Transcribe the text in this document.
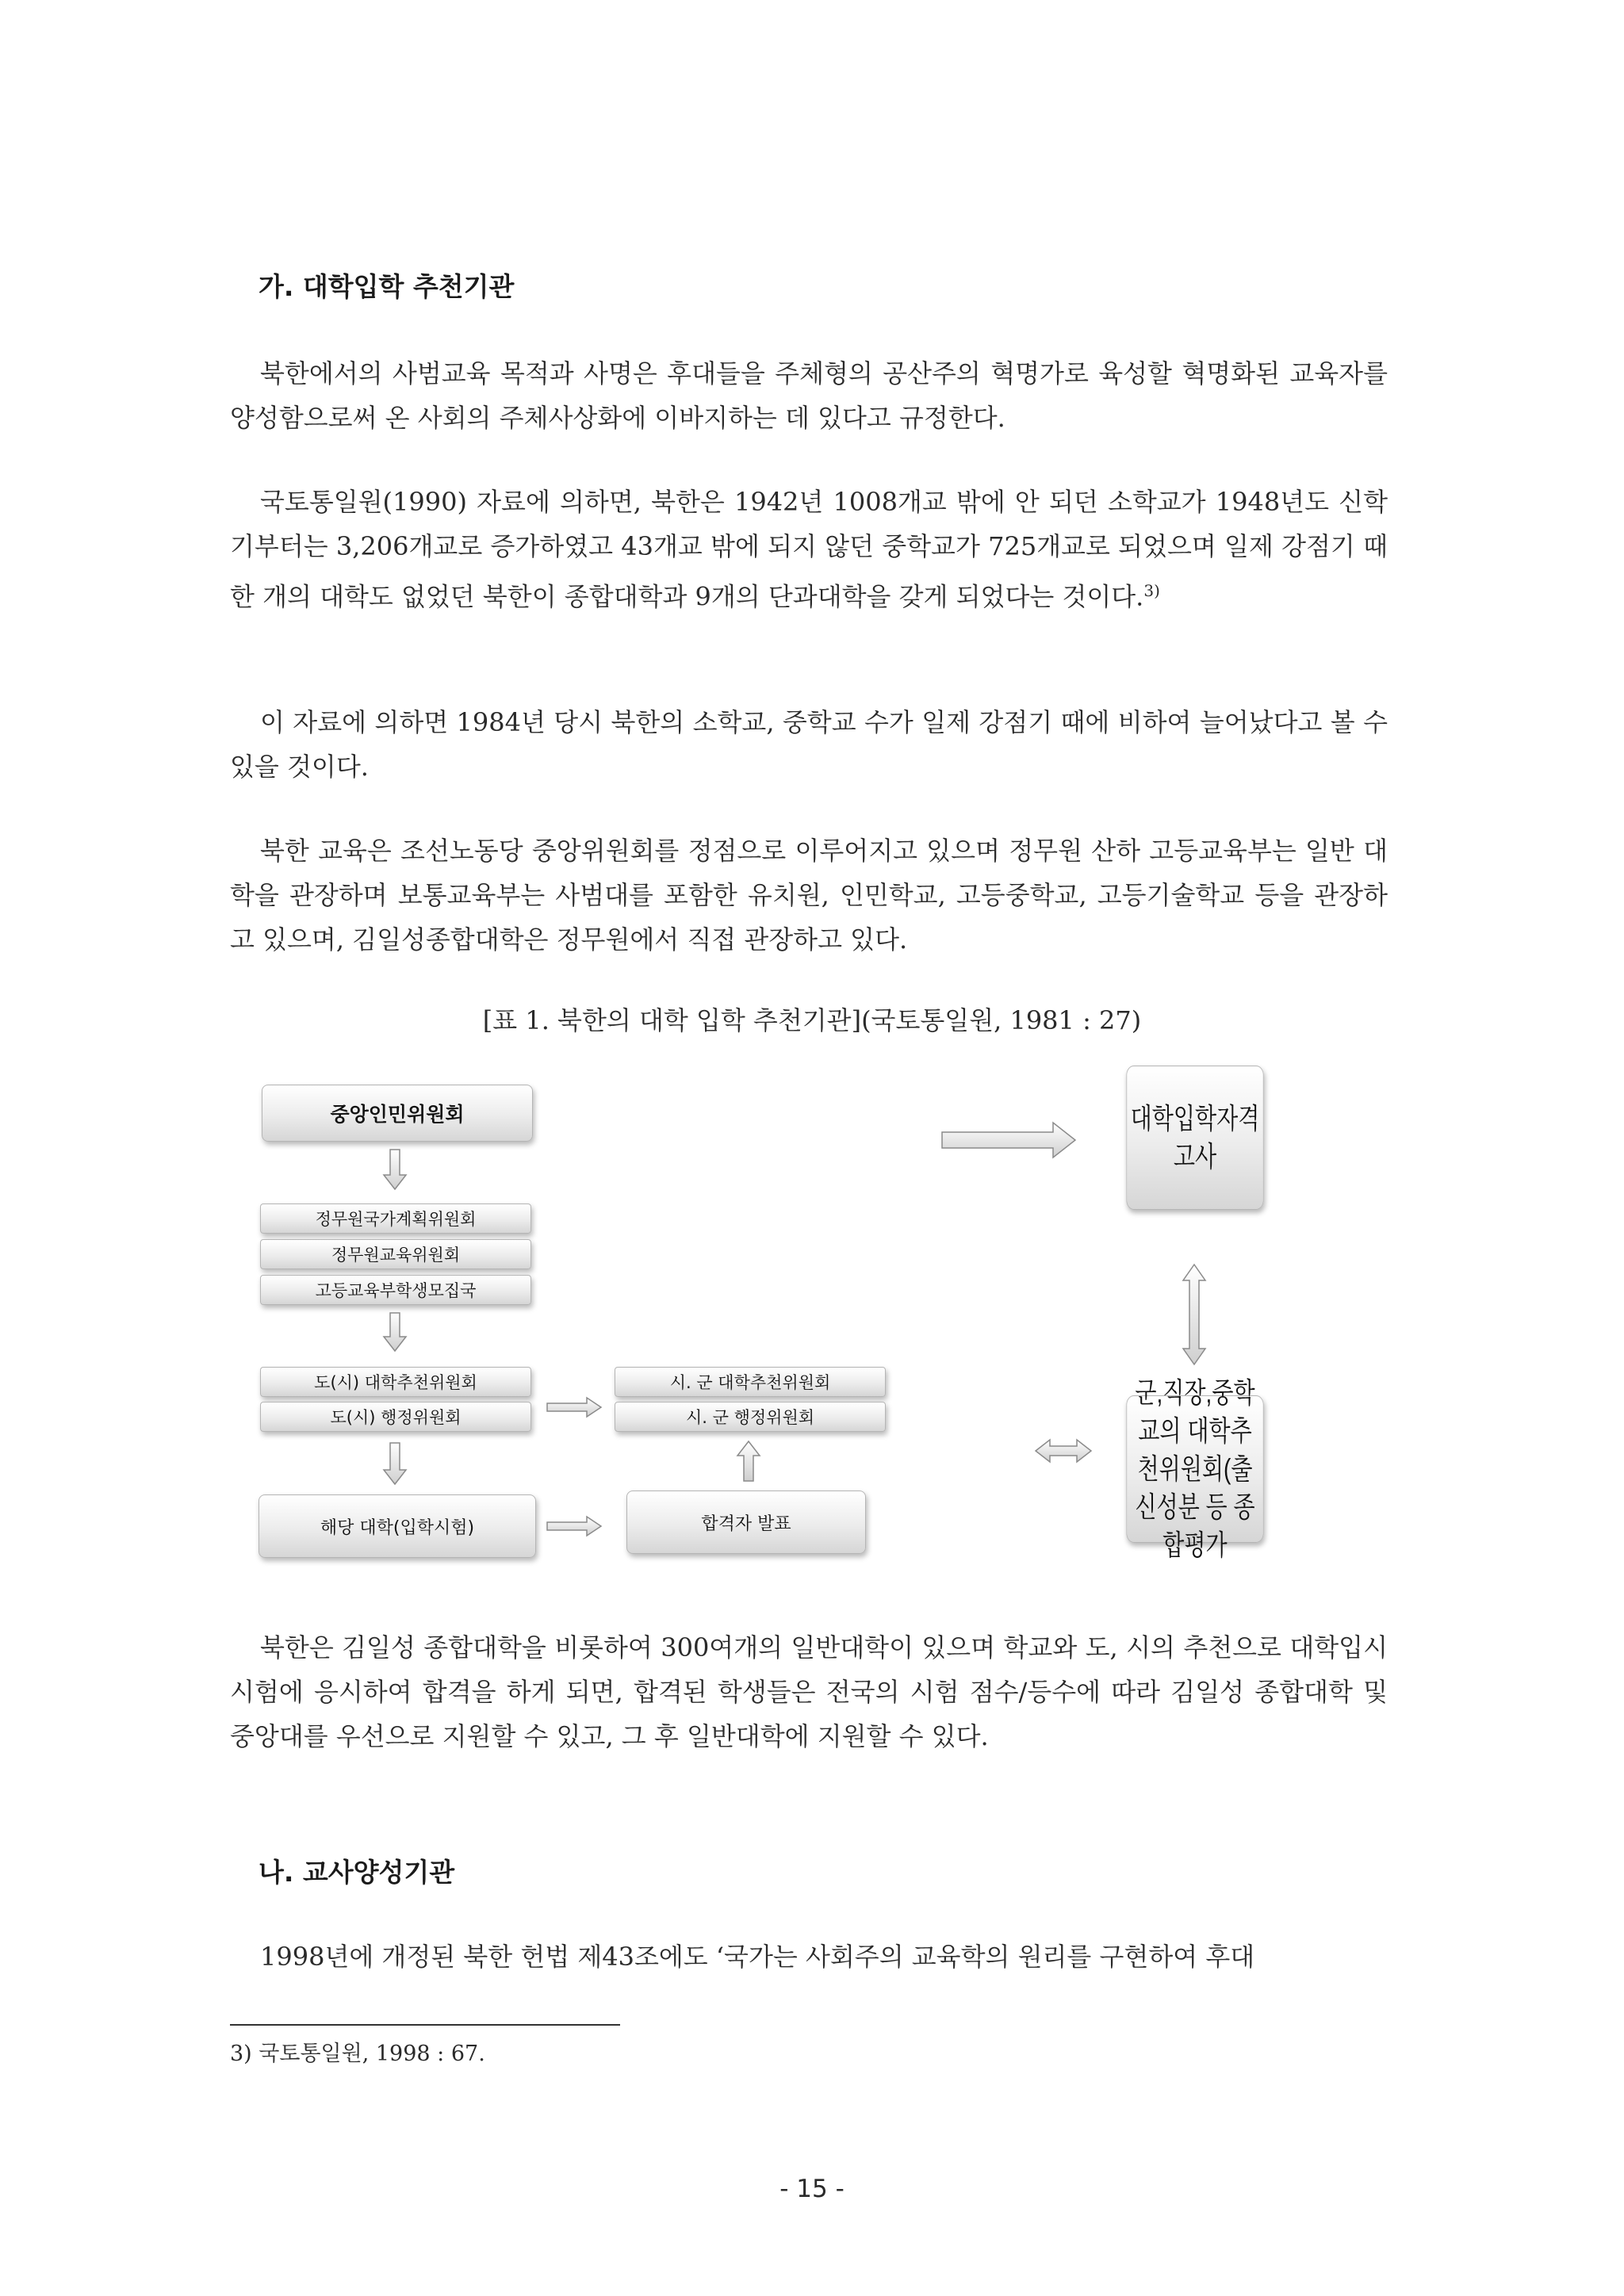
가. 대학입학 추천기관

북한에서의 사범교육 목적과 사명은 후대들을 주체형의 공산주의 혁명가로 육성할 혁명화된 교육자를 양성함으로써 온 사회의 주체사상화에 이바지하는 데 있다고 규정한다.

국토통일원(1990) 자료에 의하면, 북한은 1942년 1008개교 밖에 안 되던 소학교가 1948년도 신학기부터는 3,206개교로 증가하였고 43개교 밖에 되지 않던 중학교가 725개교로 되었으며 일제 강점기 때 한 개의 대학도 없었던 북한이 종합대학과 9개의 단과대학을 갖게 되었다는 것이다.$^{3)}$

이 자료에 의하면 1984년 당시 북한의 소학교, 중학교 수가 일제 강점기 때에 비하여 늘어났다고 볼 수 있을 것이다.

북한 교육은 조선노동당 중앙위원회를 정점으로 이루어지고 있으며 정무원 산하 고등교육부는 일반 대학을 관장하며 보통교육부는 사범대를 포함한 유치원, 인민학교, 고등중학교, 고등기술학교 등을 관장하고 있으며, 김일성종합대학은 정무원에서 직접 관장하고 있다.

[표 1. 북한의 대학 입학 추천기관](국토통일원, 1981 : 27)
중앙인민위원회
정무원국가계획위원회
정무원교육위원회
고등교육부학생모집국
도(시) 대학추천위원회
도(시) 행정위원회
시. 군 대학추천위원회
시. 군 행정위원회
해당 대학(입학시험)	합격자 발표
대학입학자격고사
군,직장,중학교의 대학추
천위원회(출신성분 등 종
합평가

북한은 김일성 종합대학을 비롯하여 300여개의 일반대학이 있으며 학교와 도, 시의 추천으로 대학입시시험에 응시하여 합격을 하게 되면, 합격된 학생들은 전국의 시험 점수/등수에 따라 김일성 종합대학 및 중앙대를 우선으로 지원할 수 있고, 그 후 일반대학에 지원할 수 있다.

나. 교사양성기관

1998년에 개정된 북한 헌법 제43조에도 ‘국가는 사회주의 교육학의 원리를 구현하여 후대

3) 국토통일원, 1998 : 67.
- 15 -
